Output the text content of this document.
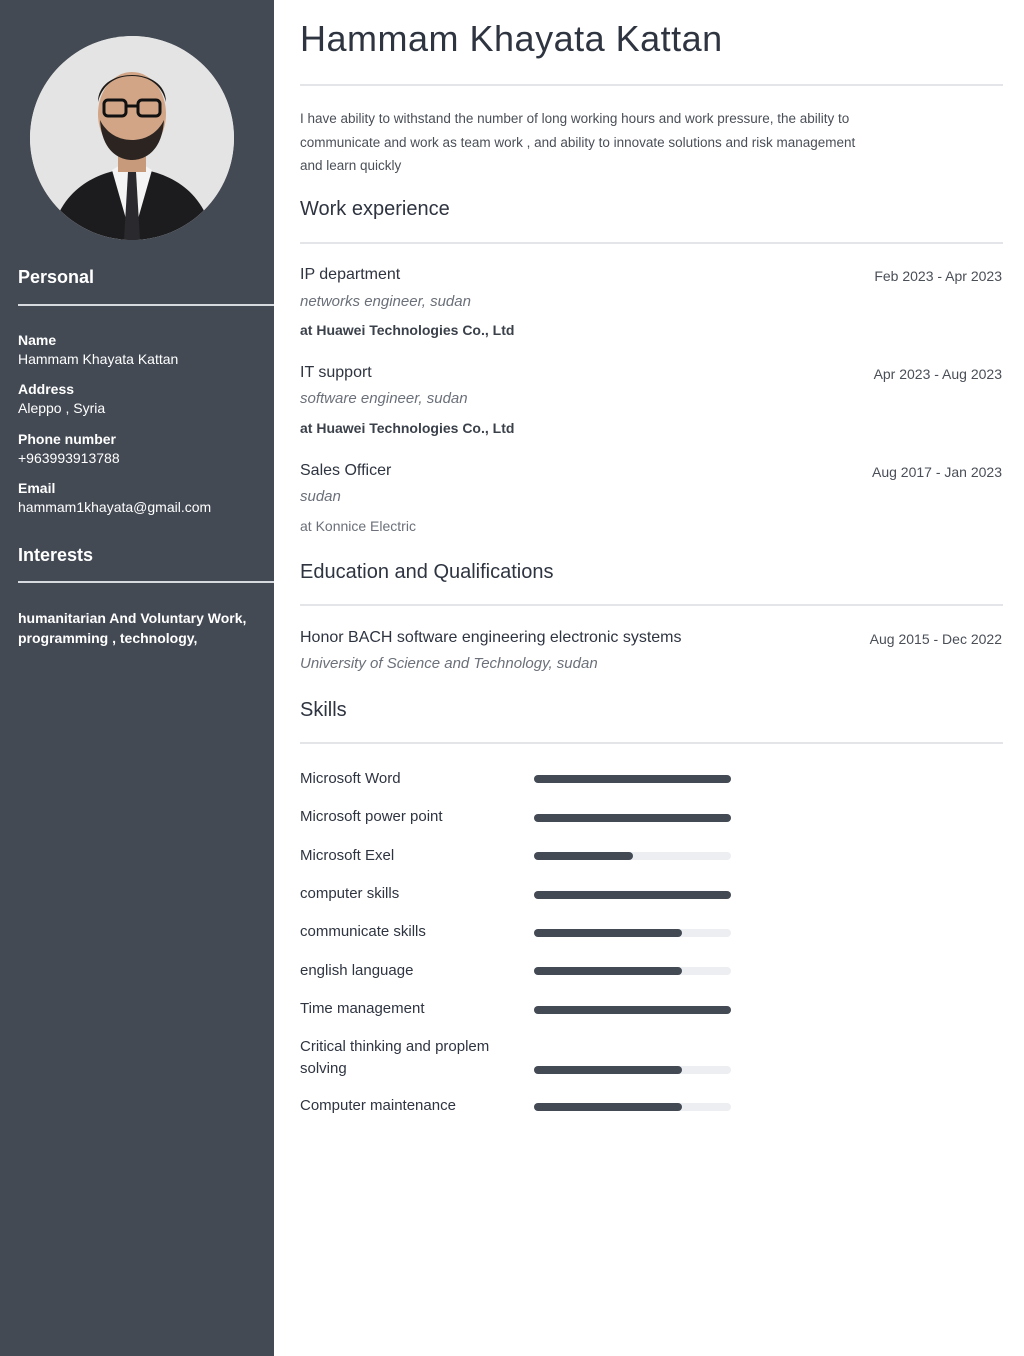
Personal
Name
Hammam Khayata Kattan
Address
Aleppo , Syria
Phone number
+963993913788
Email
hammam1khayata@gmail.com
Interests
humanitarian And Voluntary Work, programming , technology,
Hammam Khayata Kattan
I have ability to withstand the number of long working hours and work pressure, the ability to communicate and work as team work , and ability to innovate solutions and risk management and learn quickly
Work experience
IP department	Feb 2023 - Apr 2023
networks engineer, sudan
at Huawei Technologies Co., Ltd
IT support	Apr 2023 - Aug 2023
software engineer, sudan
at Huawei Technologies Co., Ltd
Sales Officer	Aug 2017 - Jan 2023
sudan
at Konnice Electric
Education and Qualifications
Honor BACH software engineering electronic systems	Aug 2015 - Dec 2022
University of Science and Technology, sudan
Skills
Microsoft Word
Microsoft power point
Microsoft Exel
computer skills
communicate skills
english language
Time management
Critical thinking and proplem solving
Computer maintenance
